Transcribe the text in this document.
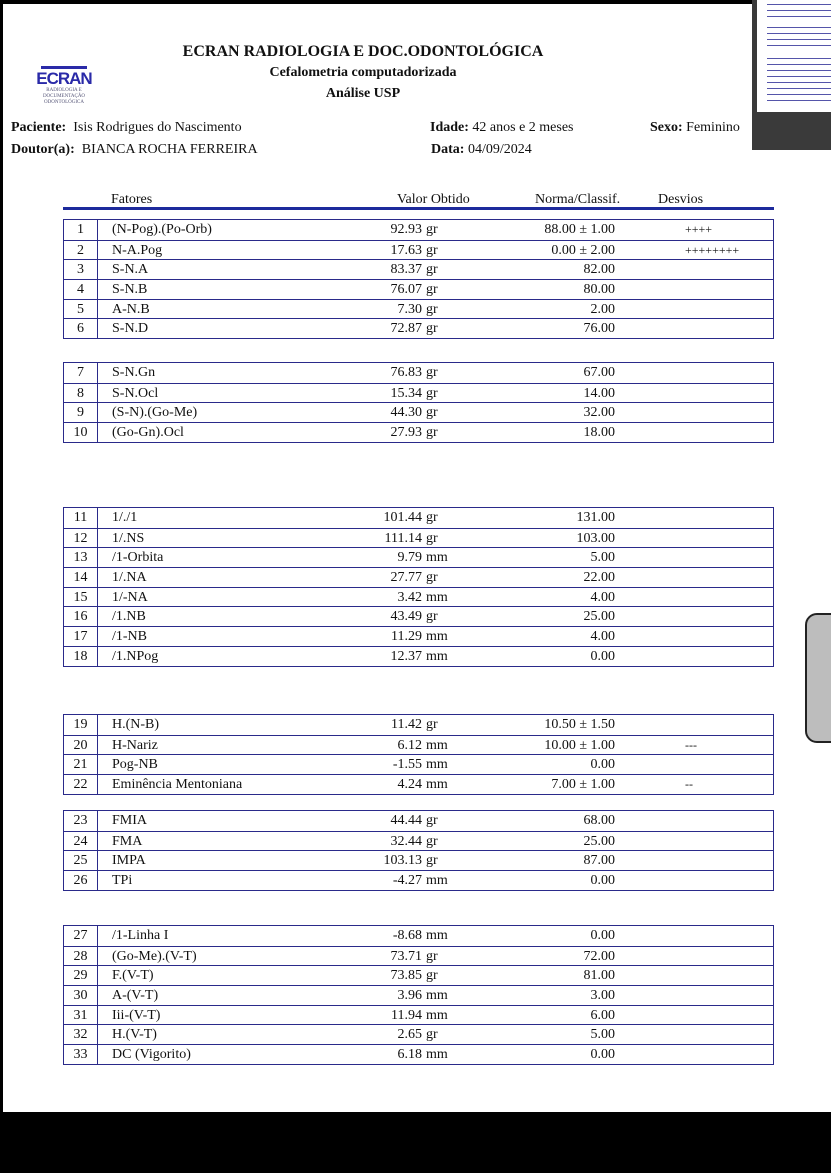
ECRAN
RADIOLOGIA E DOCUMENTAÇÃO ODONTOLÓGICA
ECRAN RADIOLOGIA E DOC.ODONTOLÓGICA
Cefalometria computadorizada
Análise USP
Paciente: Isis Rodrigues do Nascimento	Idade: 42 anos e 2 meses	Sexo: Feminino
Doutor(a): BIANCA ROCHA FERREIRA	Data: 04/09/2024
Fatores	Valor Obtido	Norma/Classif.	Desvios
1	(N-Pog).(Po-Orb)	92.93 gr	88.00 ± 1.00	++++
2	N-A.Pog	17.63 gr	0.00 ± 2.00	++++++++
3	S-N.A	83.37 gr	82.00
4	S-N.B	76.07 gr	80.00
5	A-N.B	7.30 gr	2.00
6	S-N.D	72.87 gr	76.00
7	S-N.Gn	76.83 gr	67.00
8	S-N.Ocl	15.34 gr	14.00
9	(S-N).(Go-Me)	44.30 gr	32.00
10	(Go-Gn).Ocl	27.93 gr	18.00
11	1/./1	101.44 gr	131.00
12	1/.NS	111.14 gr	103.00
13	/1-Orbita	9.79 mm	5.00
14	1/.NA	27.77 gr	22.00
15	1/-NA	3.42 mm	4.00
16	/1.NB	43.49 gr	25.00
17	/1-NB	11.29 mm	4.00
18	/1.NPog	12.37 mm	0.00
19	H.(N-B)	11.42 gr	10.50 ± 1.50
20	H-Nariz	6.12 mm	10.00 ± 1.00	---
21	Pog-NB	-1.55 mm	0.00
22	Eminência Mentoniana	4.24 mm	7.00 ± 1.00	--
23	FMIA	44.44 gr	68.00
24	FMA	32.44 gr	25.00
25	IMPA	103.13 gr	87.00
26	TPi	-4.27 mm	0.00
27	/1-Linha I	-8.68 mm	0.00
28	(Go-Me).(V-T)	73.71 gr	72.00
29	F.(V-T)	73.85 gr	81.00
30	A-(V-T)	3.96 mm	3.00
31	Iii-(V-T)	11.94 mm	6.00
32	H.(V-T)	2.65 gr	5.00
33	DC (Vigorito)	6.18 mm	0.00
